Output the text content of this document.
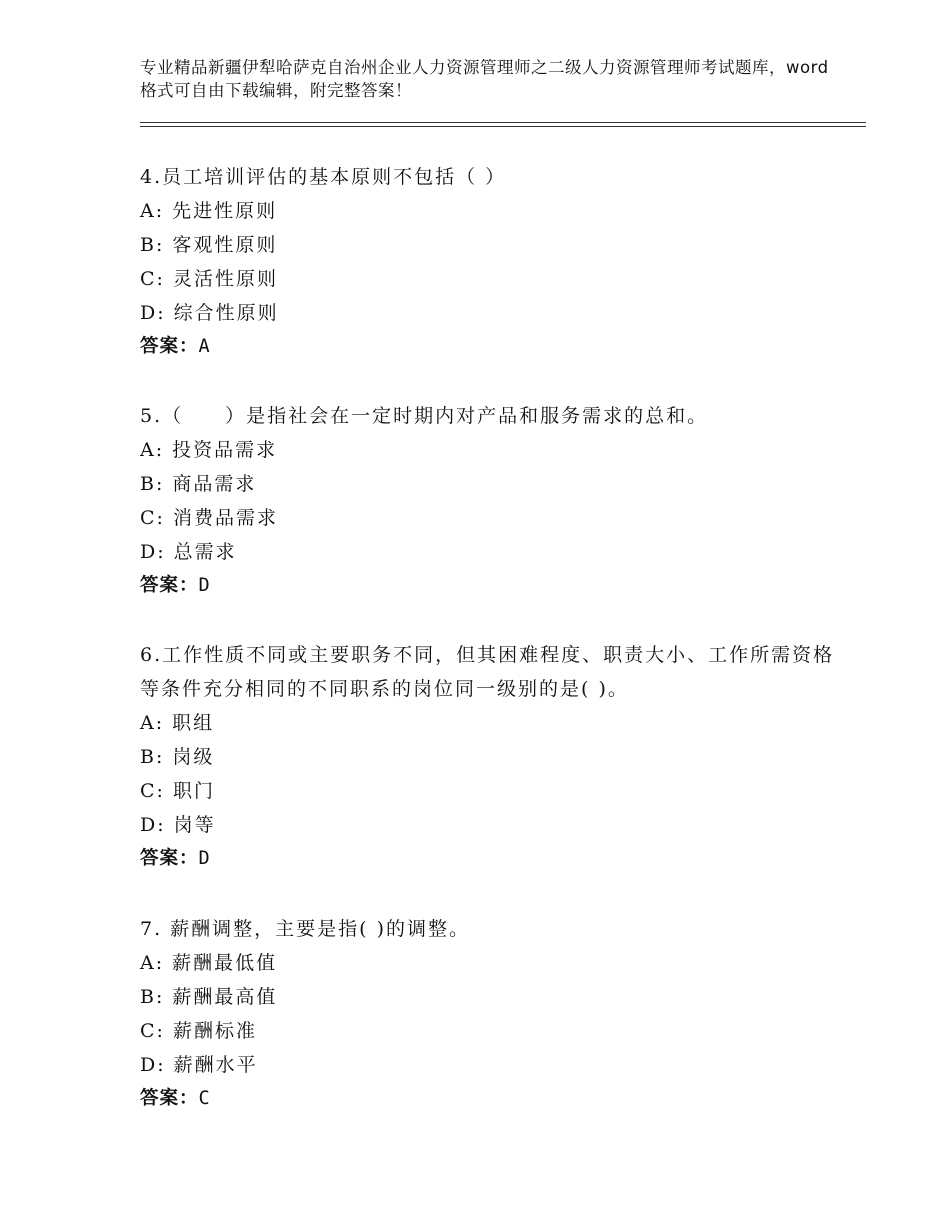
专业精品新疆伊犁哈萨克自治州企业人力资源管理师之二级人力资源管理师考试题库，word格式可自由下载编辑，附完整答案！
4.员工培训评估的基本原则不包括（ ）
A: 先进性原则
B: 客观性原则
C: 灵活性原则
D: 综合性原则
答案：A
5.（　　）是指社会在一定时期内对产品和服务需求的总和。
A: 投资品需求
B: 商品需求
C: 消费品需求
D: 总需求
答案：D
6.工作性质不同或主要职务不同，但其困难程度、职责大小、工作所需资格等条件充分相同的不同职系的岗位同一级别的是( )。
A: 职组
B: 岗级
C: 职门
D: 岗等
答案：D
7. 薪酬调整，主要是指( )的调整。
A: 薪酬最低值
B: 薪酬最高值
C: 薪酬标准
D: 薪酬水平
答案：C
